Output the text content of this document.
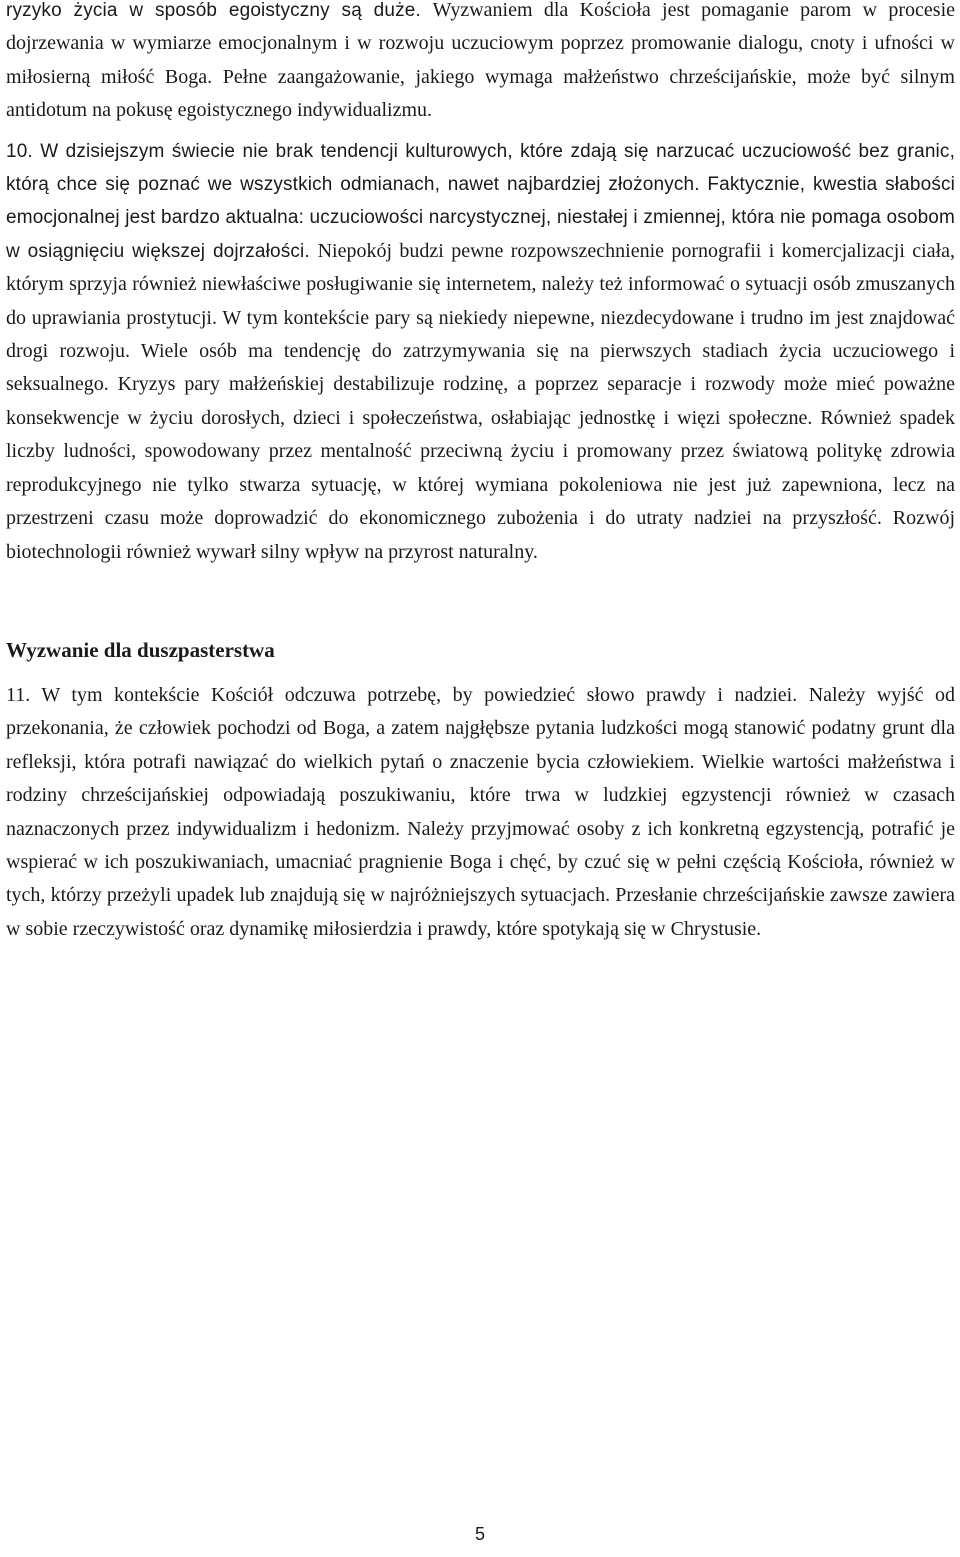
ryzyko życia w sposób egoistyczny są duże. Wyzwaniem dla Kościoła jest pomaganie parom w procesie dojrzewania w wymiarze emocjonalnym i w rozwoju uczuciowym poprzez promowanie dialogu, cnoty i ufności w miłosierną miłość Boga. Pełne zaangażowanie, jakiego wymaga małżeństwo chrześcijańskie, może być silnym antidotum na pokusę egoistycznego indywidualizmu.

10. W dzisiejszym świecie nie brak tendencji kulturowych, które zdają się narzucać uczuciowość bez granic, którą chce się poznać we wszystkich odmianach, nawet najbardziej złożonych. Faktycznie, kwestia słabości emocjonalnej jest bardzo aktualna: uczuciowości narcystycznej, niestałej i zmiennej, która nie pomaga osobom w osiągnięciu większej dojrzałości. Niepokój budzi pewne rozpowszechnienie pornografii i komercjalizacji ciała, którym sprzyja również niewłaściwe posługiwanie się internetem, należy też informować o sytuacji osób zmuszanych do uprawiania prostytucji. W tym kontekście pary są niekiedy niepewne, niezdecydowane i trudno im jest znajdować drogi rozwoju. Wiele osób ma tendencję do zatrzymywania się na pierwszych stadiach życia uczuciowego i seksualnego. Kryzys pary małżeńskiej destabilizuje rodzinę, a poprzez separacje i rozwody może mieć poważne konsekwencje w życiu dorosłych, dzieci i społeczeństwa, osłabiając jednostkę i więzi społeczne. Również spadek liczby ludności, spowodowany przez mentalność przeciwną życiu i promowany przez światową politykę zdrowia reprodukcyjnego nie tylko stwarza sytuację, w której wymiana pokoleniowa nie jest już zapewniona, lecz na przestrzeni czasu może doprowadzić do ekonomicznego zubożenia i do utraty nadziei na przyszłość. Rozwój biotechnologii również wywarł silny wpływ na przyrost naturalny.

Wyzwanie dla duszpasterstwa

11. W tym kontekście Kościół odczuwa potrzebę, by powiedzieć słowo prawdy i nadziei. Należy wyjść od przekonania, że człowiek pochodzi od Boga, a zatem najgłębsze pytania ludzkości mogą stanowić podatny grunt dla refleksji, która potrafi nawiązać do wielkich pytań o znaczenie bycia człowiekiem. Wielkie wartości małżeństwa i rodziny chrześcijańskiej odpowiadają poszukiwaniu, które trwa w ludzkiej egzystencji również w czasach naznaczonych przez indywidualizm i hedonizm. Należy przyjmować osoby z ich konkretną egzystencją, potrafić je wspierać w ich poszukiwaniach, umacniać pragnienie Boga i chęć, by czuć się w pełni częścią Kościoła, również w tych, którzy przeżyli upadek lub znajdują się w najróżniejszych sytuacjach. Przesłanie chrześcijańskie zawsze zawiera w sobie rzeczywistość oraz dynamikę miłosierdzia i prawdy, które spotykają się w Chrystusie.

5
